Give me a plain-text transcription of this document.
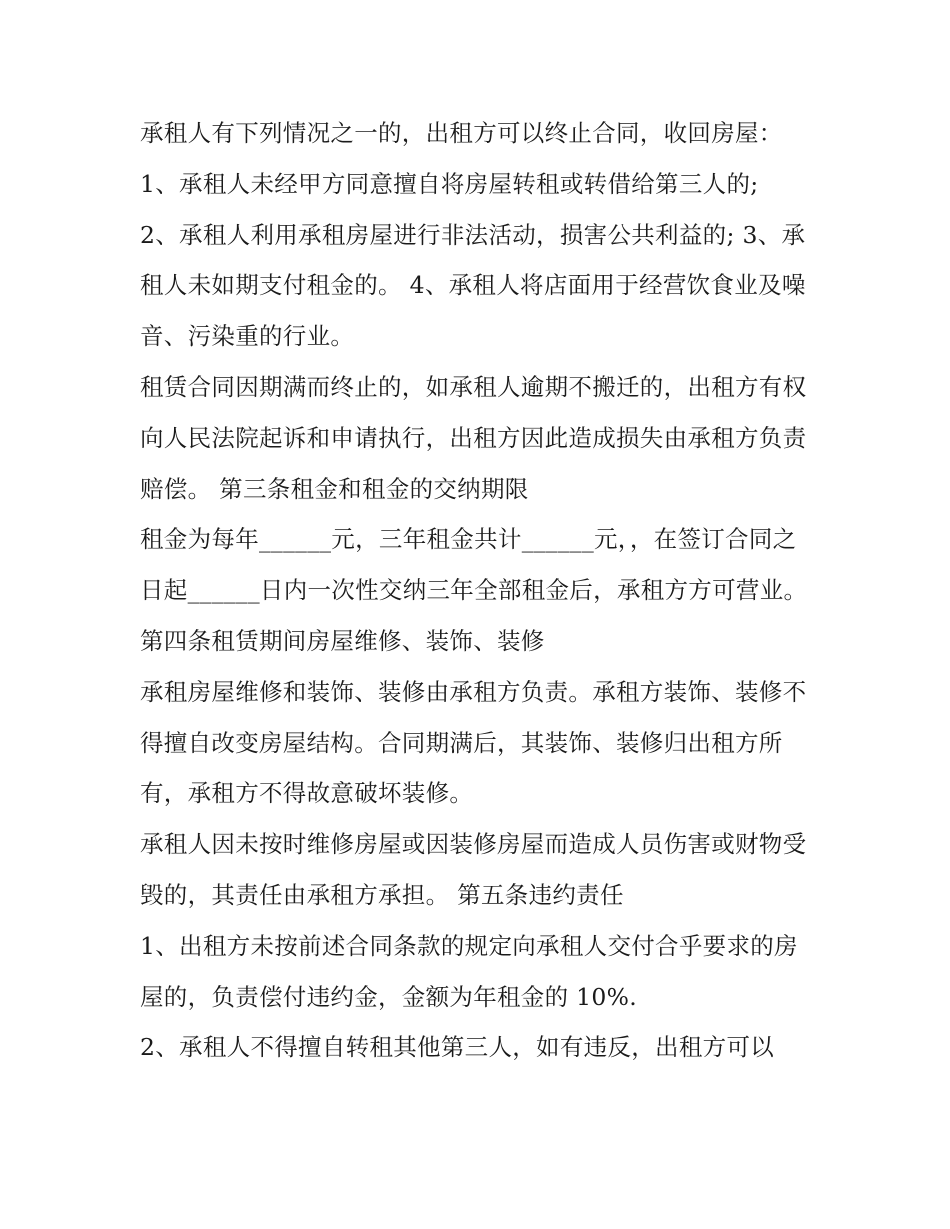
承租人有下列情况之一的，出租方可以终止合同，收回房屋：

1、承租人未经甲方同意擅自将房屋转租或转借给第三人的;

2、承租人利用承租房屋进行非法活动，损害公共利益的; 3、承租人未如期支付租金的。 4、承租人将店面用于经营饮食业及噪音、污染重的行业。

租赁合同因期满而终止的，如承租人逾期不搬迁的，出租方有权向人民法院起诉和申请执行，出租方因此造成损失由承租方负责赔偿。 第三条租金和租金的交纳期限

租金为每年______元，三年租金共计______元，，在签订合同之日起______日内一次性交纳三年全部租金后，承租方方可营业。

第四条租赁期间房屋维修、装饰、装修

承租房屋维修和装饰、装修由承租方负责。承租方装饰、装修不得擅自改变房屋结构。合同期满后，其装饰、装修归出租方所有，承租方不得故意破坏装修。

承租人因未按时维修房屋或因装修房屋而造成人员伤害或财物受毁的，其责任由承租方承担。 第五条违约责任

1、出租方未按前述合同条款的规定向承租人交付合乎要求的房屋的，负责偿付违约金，金额为年租金的 10%.

2、承租人不得擅自转租其他第三人，如有违反，出租方可以
